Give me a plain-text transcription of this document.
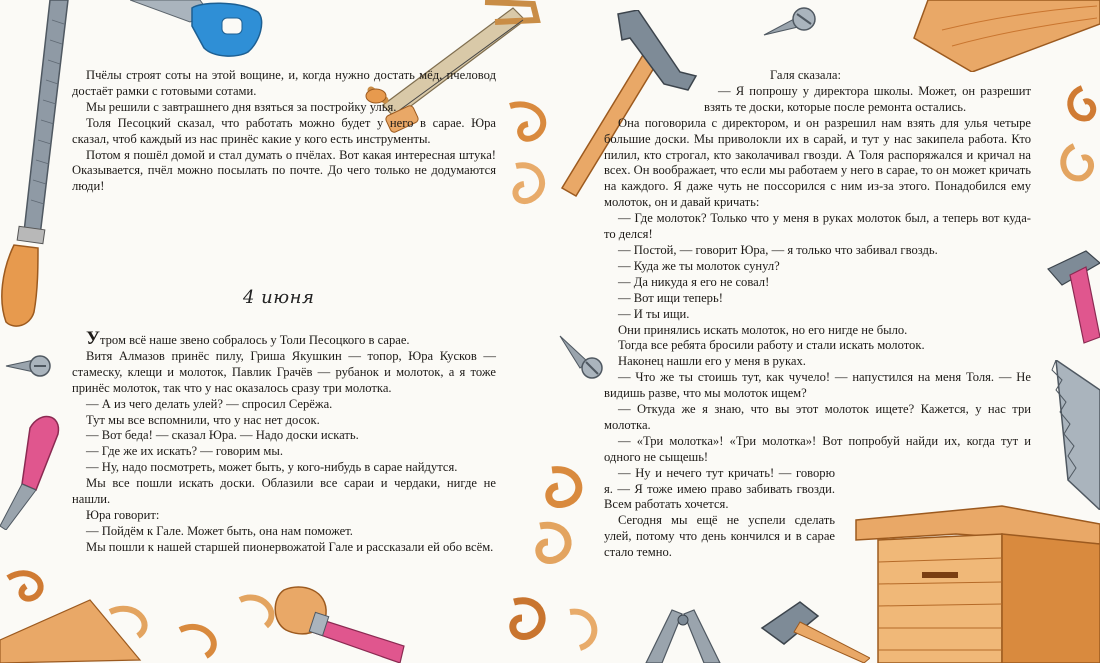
Пчёлы строят соты на этой вощине, и, когда нужно достать мёд, пчеловод достаёт рамки с готовыми сотами.

Мы решили с завтрашнего дня взяться за постройку улья.

Толя Песоцкий сказал, что работать можно будет у него в сарае. Юра сказал, чтоб каждый из нас принёс какие у кого есть инструменты.

Потом я пошёл домой и стал думать о пчёлах. Вот какая интересная штука! Оказывается, пчёл можно посылать по почте. До чего только не додумаются люди!

4 июня

Утром всё наше звено собралось у Толи Песоцкого в сарае.

Витя Алмазов принёс пилу, Гриша Якушкин — топор, Юра Кусков — стамеску, клещи и молоток, Павлик Грачёв — рубанок и молоток, а я тоже принёс молоток, так что у нас оказалось сразу три молотка.

— А из чего делать улей? — спросил Серёжа.

Тут мы все вспомнили, что у нас нет досок.

— Вот беда! — сказал Юра. — Надо доски искать.

— Где же их искать? — говорим мы.

— Ну, надо посмотреть, может быть, у кого-нибудь в сарае найдутся.

Мы все пошли искать доски. Облазили все сараи и чердаки, нигде не нашли.

Юра говорит:

— Пойдём к Гале. Может быть, она нам поможет.

Мы пошли к нашей старшей пионервожатой Гале и рассказали ей обо всём.

Галя сказала:

— Я попрошу у директора школы. Может, он разрешит взять те доски, которые после ремонта остались.

Она поговорила с директором, и он разрешил нам взять для улья четыре большие доски. Мы приволокли их в сарай, и тут у нас закипела работа. Кто пилил, кто строгал, кто заколачивал гвозди. А Толя распоряжался и кричал на всех. Он воображает, что если мы работаем у него в сарае, то он может кричать на каждого. Я даже чуть не поссорился с ним из-за этого. Понадобился ему молоток, он и давай кричать:

— Где молоток? Только что у меня в руках молоток был, а теперь вот куда-то делся!

— Постой, — говорит Юра, — я только что забивал гвоздь.

— Куда же ты молоток сунул?

— Да никуда я его не совал!

— Вот ищи теперь!

— И ты ищи.

Они принялись искать молоток, но его нигде не было.

Тогда все ребята бросили работу и стали искать молоток.

Наконец нашли его у меня в руках.

— Что же ты стоишь тут, как чучело! — напустился на меня Толя. — Не видишь разве, что мы молоток ищем?

— Откуда же я знаю, что вы этот молоток ищете? Кажется, у нас три молотка.

— «Три молотка»! «Три молотка»! Вот попробуй найди их, когда тут и одного не сыщешь!

— Ну и нечего тут кричать! — говорю я. — Я тоже имею право забивать гвозди. Всем работать хочется.

Сегодня мы ещё не успели сделать улей, потому что день кончился и в сарае стало темно.
